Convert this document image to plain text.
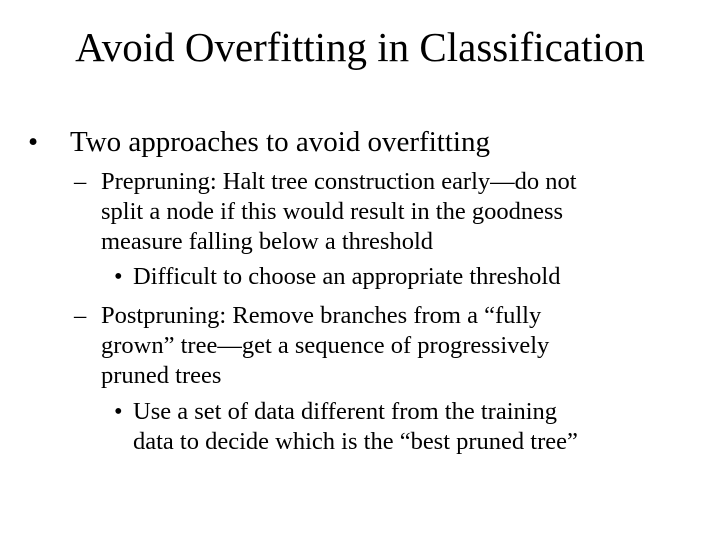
Avoid Overfitting in Classification
• Two approaches to avoid overfitting
– Prepruning: Halt tree construction early—do not
split a node if this would result in the goodness
measure falling below a threshold
• Difficult to choose an appropriate threshold
– Postpruning: Remove branches from a “fully
grown” tree—get a sequence of progressively
pruned trees
• Use a set of data different from the training
data to decide which is the “best pruned tree”
